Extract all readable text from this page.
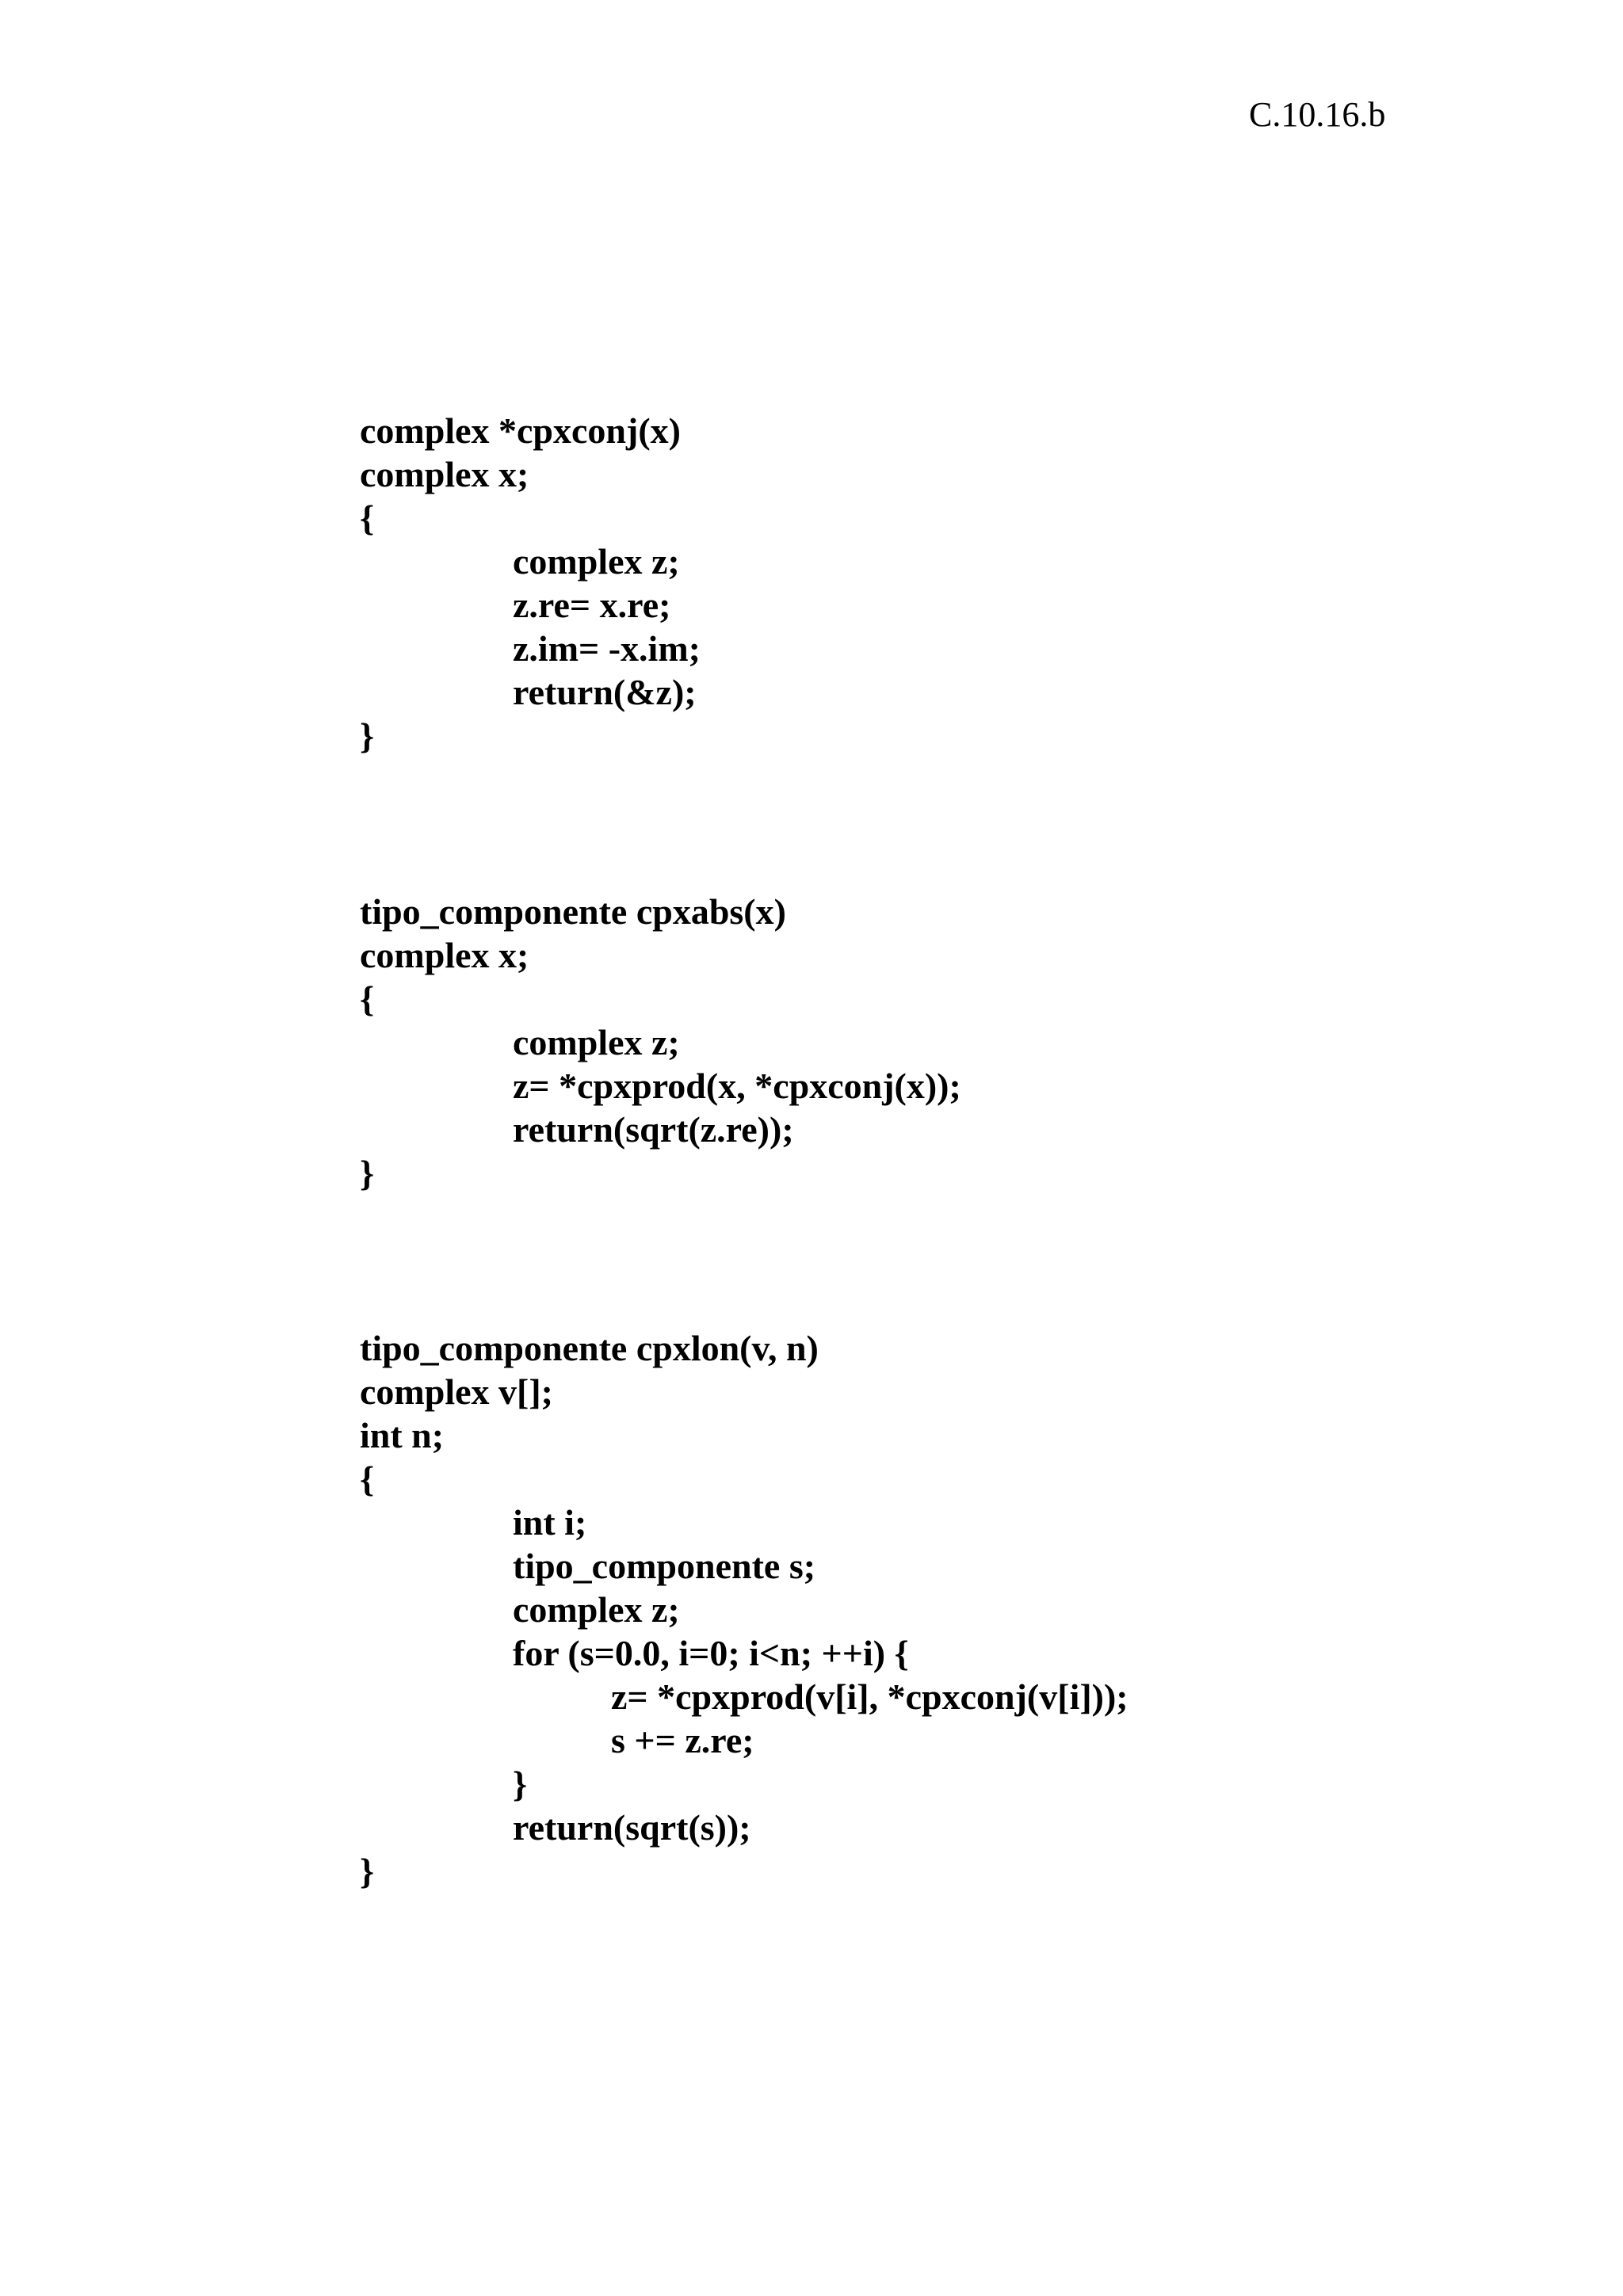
C.10.16.b
complex *cpxconj(x)
complex x;
{
complex z;
z.re= x.re;
z.im= -x.im;
return(&z);
}
tipo_componente cpxabs(x)
complex x;
{
complex z;
z= *cpxprod(x, *cpxconj(x));
return(sqrt(z.re));
}
tipo_componente cpxlon(v, n)
complex v[];
int n;
{
int i;
tipo_componente s;
complex z;
for (s=0.0, i=0; i<n; ++i) {
z= *cpxprod(v[i], *cpxconj(v[i]));
s += z.re;
}
return(sqrt(s));
}
